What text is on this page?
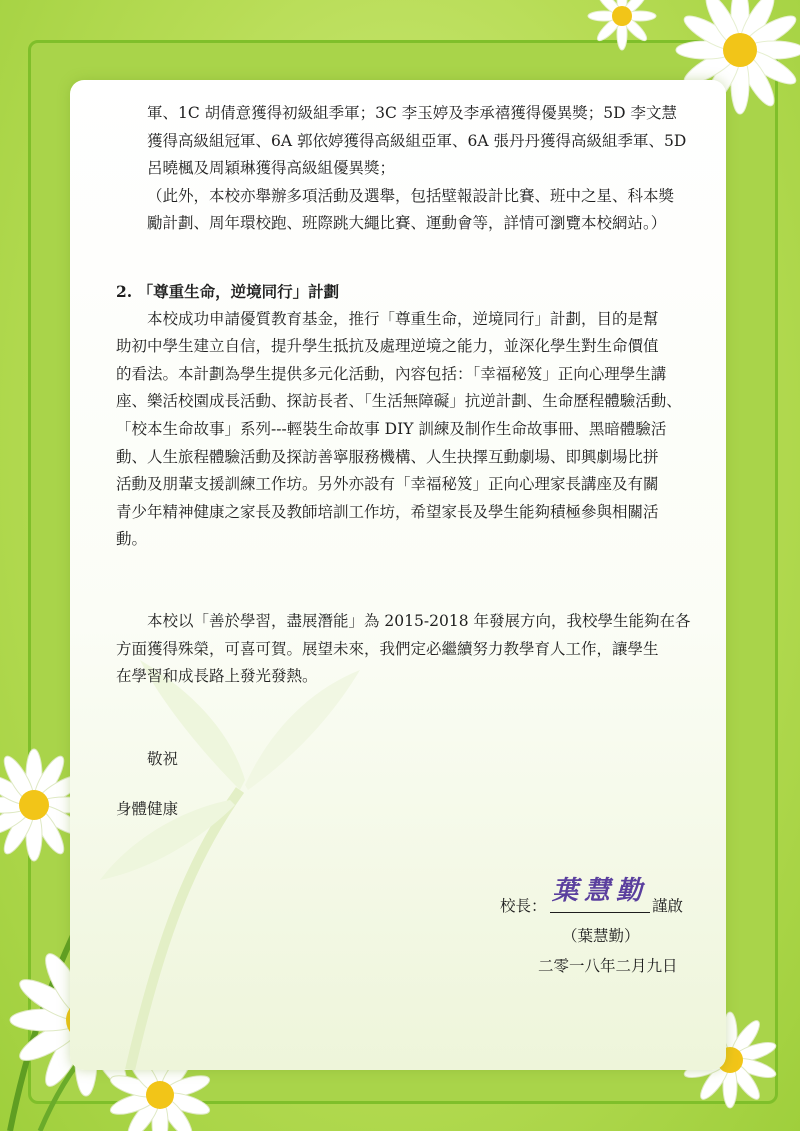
軍、1C 胡倩意獲得初級組季軍；3C 李玉婷及李承禧獲得優異獎；5D 李文慧
獲得高級組冠軍、6A 郭依婷獲得高級組亞軍、6A 張丹丹獲得高級組季軍、5D
呂曉楓及周穎琳獲得高級組優異獎；
（此外，本校亦舉辦多項活動及選舉，包括壁報設計比賽、班中之星、科本獎
勵計劃、周年環校跑、班際跳大繩比賽、運動會等，詳情可瀏覽本校網站。）

2. 「尊重生命，逆境同行」計劃

本校成功申請優質教育基金，推行「尊重生命，逆境同行」計劃，目的是幫
助初中學生建立自信，提升學生抵抗及處理逆境之能力，並深化學生對生命價值
的看法。本計劃為學生提供多元化活動，內容包括：「幸福秘笈」正向心理學生講
座、樂活校園成長活動、探訪長者、「生活無障礙」抗逆計劃、生命歷程體驗活動、
「校本生命故事」系列---輕裝生命故事 DIY 訓練及制作生命故事冊、黑暗體驗活
動、人生旅程體驗活動及探訪善寧服務機構、人生抉擇互動劇場、即興劇場比拼
活動及朋輩支援訓練工作坊。另外亦設有「幸福秘笈」正向心理家長講座及有關
青少年精神健康之家長及教師培訓工作坊，希望家長及學生能夠積極參與相關活
動。
本校以「善於學習，盡展潛能」為 2015-2018 年發展方向，我校學生能夠在各
方面獲得殊榮，可喜可賀。展望未來，我們定必繼續努力教學育人工作，讓學生
在學習和成長路上發光發熱。
敬祝
身體健康
葉慧勤
校長：	謹啟
（葉慧勤）
二零一八年二月九日
